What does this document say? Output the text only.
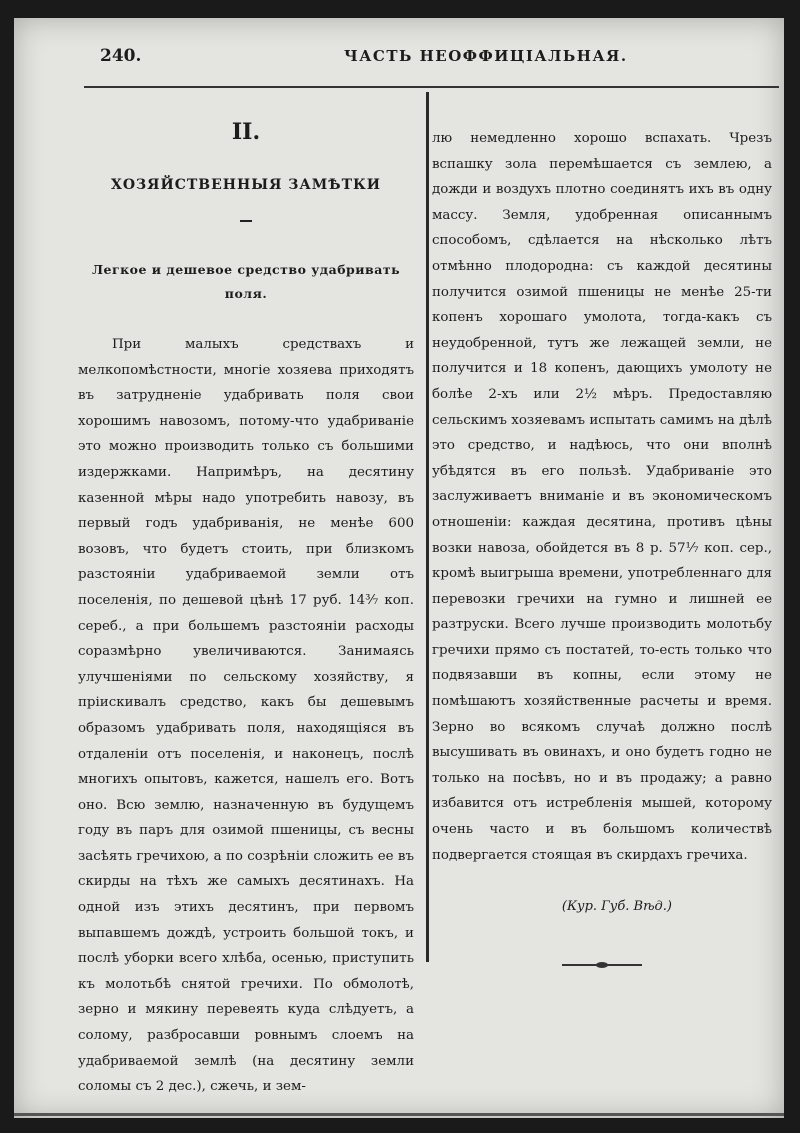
240.	ЧАСТЬ НЕОФФИЦІАЛЬНАЯ.
II.
ХОЗЯЙСТВЕННЫЯ ЗАМѢТКИ
Легкое и дешевое средство удабривать поля.

При малыхъ средствахъ и мелкопомѣстности, многiе хозяева приходятъ въ затрудненiе удабривать поля свои хорошимъ навозомъ, потому-что удабриванiе это можно производить только съ большими издержками. Напримѣръ, на десятину казенной мѣры надо употребить навозу, въ первый годъ удабриванiя, не менѣе 600 возовъ, что будетъ стоить, при близкомъ разстоянiи удабриваемой земли отъ поселенiя, по дешевой цѣнѣ 17 руб. 14³⁄₇ коп. сереб., а при большемъ разстоянiи расходы соразмѣрно увеличиваются. Занимаясь улучшенiями по сельскому хозяйству, я прiискивалъ средство, какъ бы дешевымъ образомъ удабривать поля, находящiяся въ отдаленiи отъ поселенiя, и наконецъ, послѣ многихъ опытовъ, кажется, нашелъ его. Вотъ оно. Всю землю, назначенную въ будущемъ году въ паръ для озимой пшеницы, съ весны засѣять гречихою, а по созрѣнiи сложить ее въ скирды на тѣхъ же самыхъ десятинахъ. На одной изъ этихъ десятинъ, при первомъ выпавшемъ дождѣ, устроить большой токъ, и послѣ уборки всего хлѣба, осенью, приступить къ молотьбѣ снятой гречихи. По обмолотѣ, зерно и мякину перевеять куда слѣдуетъ, а солому, разбросавши ровнымъ слоемъ на удабриваемой землѣ (на десятину земли соломы съ 2 дес.), сжечь, и зем-

лю немедленно хорошо вспахать. Чрезъ вспашку зола перемѣшается съ землею, а дожди и воздухъ плотно соединятъ ихъ въ одну массу. Земля, удобренная описаннымъ способомъ, сдѣлается на нѣсколько лѣтъ отмѣнно плодородна: съ каждой десятины получится озимой пшеницы не менѣе 25-ти копенъ хорошаго умолота, тогда-какъ съ неудобренной, тутъ же лежащей земли, не получится и 18 копенъ, дающихъ умолоту не болѣе 2-хъ или 2½ мѣръ. Предоставляю сельскимъ хозяевамъ испытать самимъ на дѣлѣ это средство, и надѣюсь, что они вполнѣ убѣдятся въ его пользѣ. Удабриванiе это заслуживаетъ вниманiе и въ экономическомъ отношенiи: каждая десятина, противъ цѣны возки навоза, обойдется въ 8 р. 57¹⁄₇ коп. сер., кромѣ выигрыша времени, употребленнаго для перевозки гречихи на гумно и лишней ее разтруски. Всего лучше производить молотьбу гречихи прямо съ постатей, то-есть только что подвязавши въ копны, если этому не помѣшаютъ хозяйственные расчеты и время. Зерно во всякомъ случаѣ должно послѣ высушивать въ овинахъ, и оно будетъ годно не только на посѣвъ, но и въ продажу; а равно избавится отъ истребленiя мышей, которому очень часто и въ большомъ количествѣ подвергается стоящая въ скирдахъ гречиха.

(Кур. Губ. Вѣд.)
